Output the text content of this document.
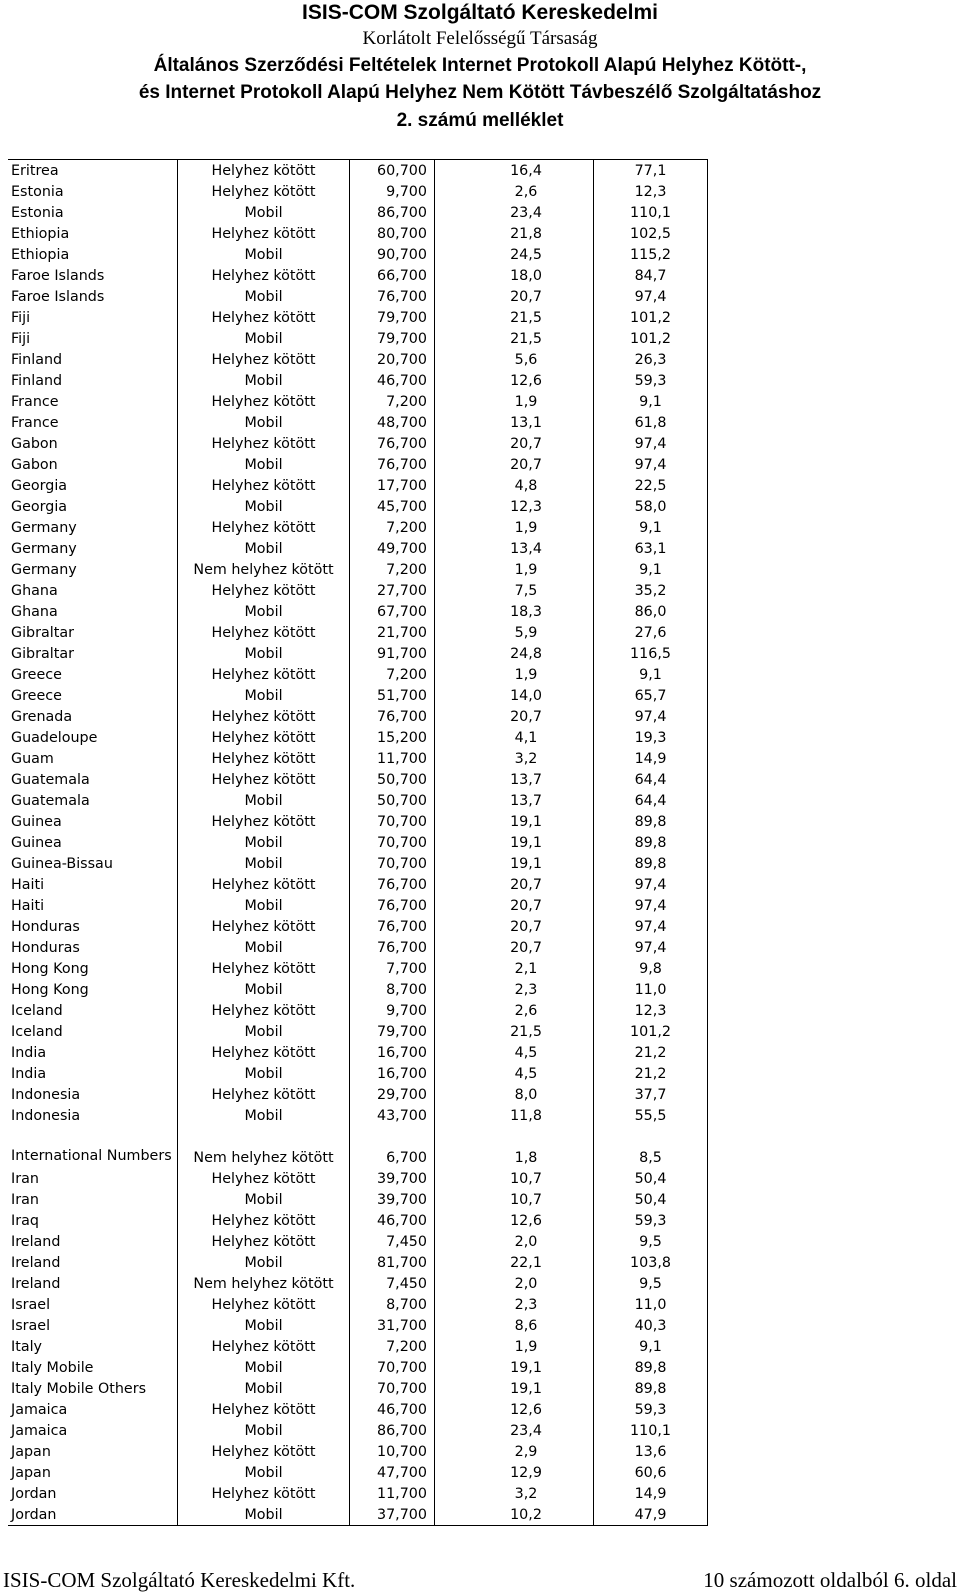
ISIS-COM Szolgáltató Kereskedelmi
Korlátolt Felelősségű Társaság
Általános Szerződési Feltételek Internet Protokoll Alapú Helyhez Kötött-,
és Internet Protokoll Alapú Helyhez Nem Kötött Távbeszélő Szolgáltatáshoz
2. számú melléklet
Eritrea	Helyhez kötött	60,700	16,4	77,1
Estonia	Helyhez kötött	9,700	2,6	12,3
Estonia	Mobil	86,700	23,4	110,1
Ethiopia	Helyhez kötött	80,700	21,8	102,5
Ethiopia	Mobil	90,700	24,5	115,2
Faroe Islands	Helyhez kötött	66,700	18,0	84,7
Faroe Islands	Mobil	76,700	20,7	97,4
Fiji	Helyhez kötött	79,700	21,5	101,2
Fiji	Mobil	79,700	21,5	101,2
Finland	Helyhez kötött	20,700	5,6	26,3
Finland	Mobil	46,700	12,6	59,3
France	Helyhez kötött	7,200	1,9	9,1
France	Mobil	48,700	13,1	61,8
Gabon	Helyhez kötött	76,700	20,7	97,4
Gabon	Mobil	76,700	20,7	97,4
Georgia	Helyhez kötött	17,700	4,8	22,5
Georgia	Mobil	45,700	12,3	58,0
Germany	Helyhez kötött	7,200	1,9	9,1
Germany	Mobil	49,700	13,4	63,1
Germany	Nem helyhez kötött	7,200	1,9	9,1
Ghana	Helyhez kötött	27,700	7,5	35,2
Ghana	Mobil	67,700	18,3	86,0
Gibraltar	Helyhez kötött	21,700	5,9	27,6
Gibraltar	Mobil	91,700	24,8	116,5
Greece	Helyhez kötött	7,200	1,9	9,1
Greece	Mobil	51,700	14,0	65,7
Grenada	Helyhez kötött	76,700	20,7	97,4
Guadeloupe	Helyhez kötött	15,200	4,1	19,3
Guam	Helyhez kötött	11,700	3,2	14,9
Guatemala	Helyhez kötött	50,700	13,7	64,4
Guatemala	Mobil	50,700	13,7	64,4
Guinea	Helyhez kötött	70,700	19,1	89,8
Guinea	Mobil	70,700	19,1	89,8
Guinea-Bissau	Mobil	70,700	19,1	89,8
Haiti	Helyhez kötött	76,700	20,7	97,4
Haiti	Mobil	76,700	20,7	97,4
Honduras	Helyhez kötött	76,700	20,7	97,4
Honduras	Mobil	76,700	20,7	97,4
Hong Kong	Helyhez kötött	7,700	2,1	9,8
Hong Kong	Mobil	8,700	2,3	11,0
Iceland	Helyhez kötött	9,700	2,6	12,3
Iceland	Mobil	79,700	21,5	101,2
India	Helyhez kötött	16,700	4,5	21,2
India	Mobil	16,700	4,5	21,2
Indonesia	Helyhez kötött	29,700	8,0	37,7
Indonesia	Mobil	43,700	11,8	55,5
International Numbers	Nem helyhez kötött	6,700	1,8	8,5
Iran	Helyhez kötött	39,700	10,7	50,4
Iran	Mobil	39,700	10,7	50,4
Iraq	Helyhez kötött	46,700	12,6	59,3
Ireland	Helyhez kötött	7,450	2,0	9,5
Ireland	Mobil	81,700	22,1	103,8
Ireland	Nem helyhez kötött	7,450	2,0	9,5
Israel	Helyhez kötött	8,700	2,3	11,0
Israel	Mobil	31,700	8,6	40,3
Italy	Helyhez kötött	7,200	1,9	9,1
Italy Mobile	Mobil	70,700	19,1	89,8
Italy Mobile Others	Mobil	70,700	19,1	89,8
Jamaica	Helyhez kötött	46,700	12,6	59,3
Jamaica	Mobil	86,700	23,4	110,1
Japan	Helyhez kötött	10,700	2,9	13,6
Japan	Mobil	47,700	12,9	60,6
Jordan	Helyhez kötött	11,700	3,2	14,9
Jordan	Mobil	37,700	10,2	47,9
ISIS-COM Szolgáltató Kereskedelmi Kft.	10 számozott oldalból 6. oldal
